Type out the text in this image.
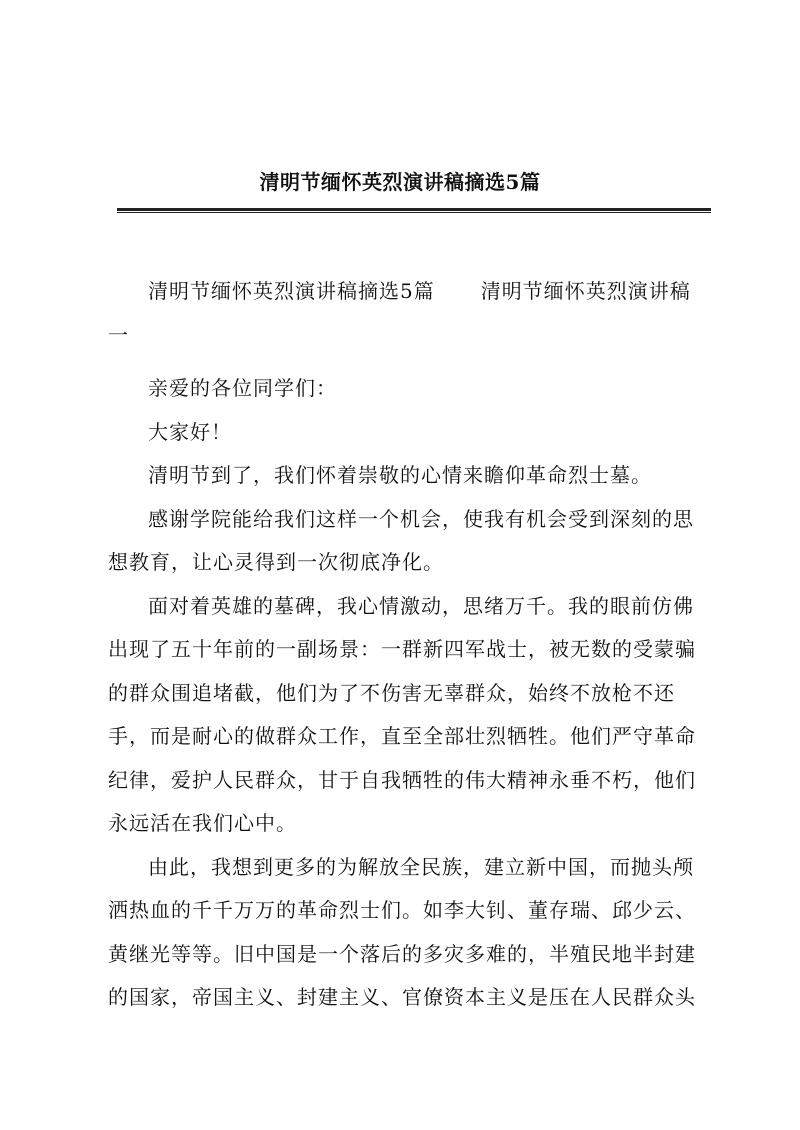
清明节缅怀英烈演讲稿摘选5篇

清明节缅怀英烈演讲稿摘选5篇 清明节缅怀英烈演讲稿
一

亲爱的各位同学们：

大家好！

清明节到了，我们怀着崇敬的心情来瞻仰革命烈士墓。

感谢学院能给我们这样一个机会，使我有机会受到深刻的思
想教育，让心灵得到一次彻底净化。

面对着英雄的墓碑，我心情激动，思绪万千。我的眼前仿佛
出现了五十年前的一副场景：一群新四军战士，被无数的受蒙骗
的群众围追堵截，他们为了不伤害无辜群众，始终不放枪不还
手，而是耐心的做群众工作，直至全部壮烈牺牲。他们严守革命
纪律，爱护人民群众，甘于自我牺牲的伟大精神永垂不朽，他们
永远活在我们心中。

由此，我想到更多的为解放全民族，建立新中国，而抛头颅
洒热血的千千万万的革命烈士们。如李大钊、董存瑞、邱少云、
黄继光等等。旧中国是一个落后的多灾多难的，半殖民地半封建
的国家，帝国主义、封建主义、官僚资本主义是压在人民群众头
